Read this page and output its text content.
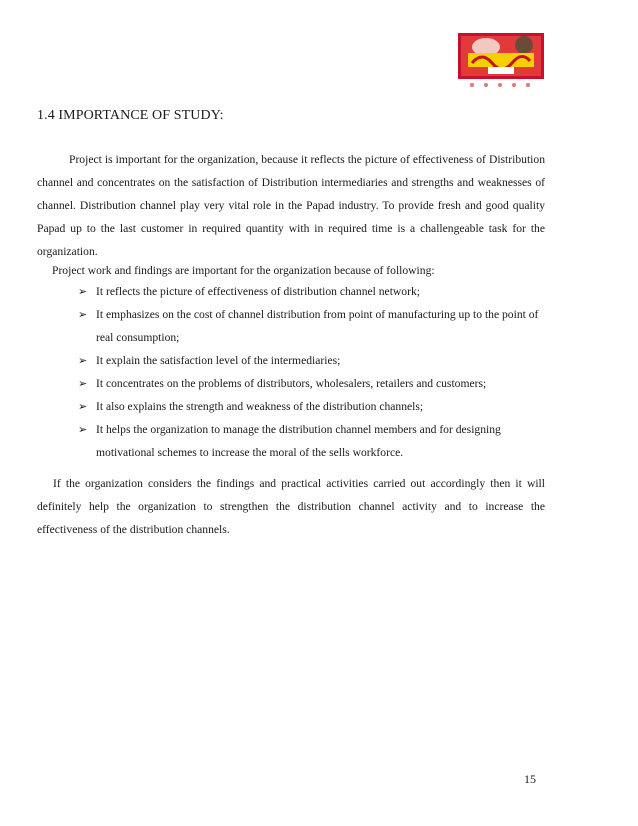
1.4 IMPORTANCE OF STUDY:

Project is important for the organization, because it reflects the picture of effectiveness of Distribution channel and concentrates on the satisfaction of Distribution intermediaries and strengths and weaknesses of channel. Distribution channel play very vital role in the Papad industry. To provide fresh and good quality Papad up to the last customer in required quantity with in required time is a challengeable task for the organization.

Project work and findings are important for the organization because of following:

➢ It reflects the picture of effectiveness of distribution channel network;
➢ It emphasizes on the cost of channel distribution from point of manufacturing up to the point of real consumption;
➢ It explain the satisfaction level of the intermediaries;
➢ It concentrates on the problems of distributors, wholesalers, retailers and customers;
➢ It also explains the strength and weakness of the distribution channels;
➢ It helps the organization to manage the distribution channel members and for designing motivational schemes to increase the moral of the sells workforce.

If the organization considers the findings and practical activities carried out accordingly then it will definitely help the organization to strengthen the distribution channel activity and to increase the effectiveness of the distribution channels.

15
